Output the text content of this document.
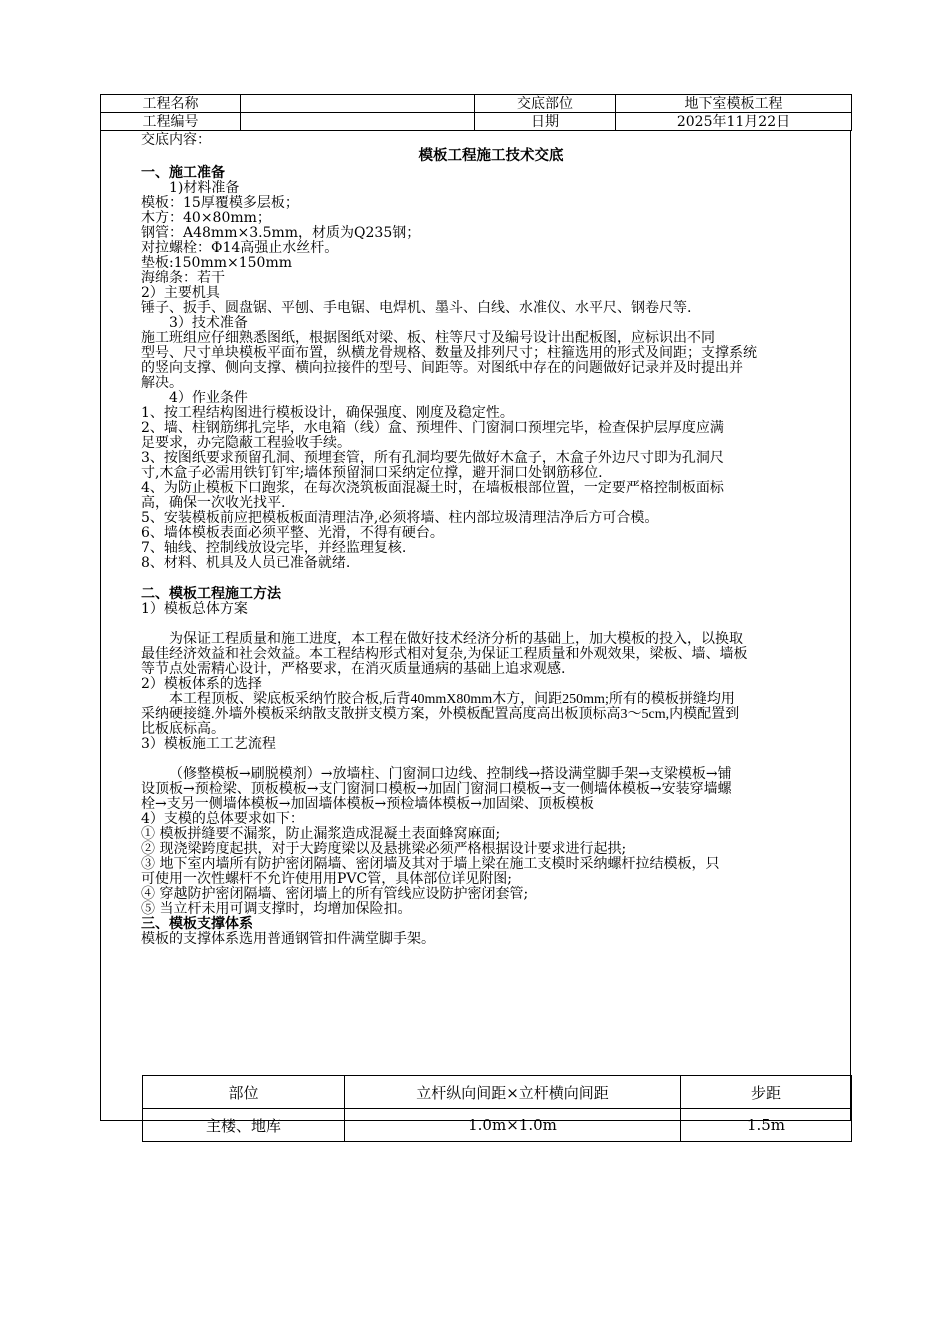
工程名称		交底部位	地下室模板工程
工程编号		日期	2025年11月22日

交底内容：

模板工程施工技术交底

一、施工准备

1)材料准备

模板：15厚覆模多层板；

木方：40×80mm；

钢管：A48mm×3.5mm，材质为Q235钢；

对拉螺栓：Φ14高强止水丝杆。

垫板:150mm×150mm

海绵条：若干

2）主要机具

锤子、扳手、圆盘锯、平刨、手电锯、电焊机、墨斗、白线、水准仪、水平尺、钢卷尺等.

3）技术准备

施工班组应仔细熟悉图纸，根据图纸对梁、板、柱等尺寸及编号设计出配板图，应标识出不同

型号、尺寸单块模板平面布置，纵横龙骨规格、数量及排列尺寸；柱箍选用的形式及间距；支撑系统

的竖向支撑、侧向支撑、横向拉接件的型号、间距等。对图纸中存在的问题做好记录并及时提出并

解决。

4）作业条件

1、按工程结构图进行模板设计，确保强度、刚度及稳定性。

2、墙、柱钢筋绑扎完毕，水电箱（线）盒、预埋件、门窗洞口预埋完毕，检查保护层厚度应满

足要求，办完隐蔽工程验收手续。

3、按图纸要求预留孔洞、预埋套管，所有孔洞均要先做好木盒子，木盒子外边尺寸即为孔洞尺

寸,木盒子必需用铁钉钉牢;墙体预留洞口采纳定位撑，避开洞口处钢筋移位.

4、为防止模板下口跑浆，在每次浇筑板面混凝土时，在墙板根部位置，一定要严格控制板面标

高，确保一次收光找平.

5、安装模板前应把模板板面清理洁净,必须将墙、柱内部垃圾清理洁净后方可合模。

6、墙体模板表面必须平整、光滑，不得有硬台。

7、轴线、控制线放设完毕，并经监理复核.

8、材料、机具及人员已准备就绪.

二、模板工程施工方法

1）模板总体方案

为保证工程质量和施工进度，本工程在做好技术经济分析的基础上，加大模板的投入，以换取

最佳经济效益和社会效益。本工程结构形式相对复杂,为保证工程质量和外观效果，梁板、墙、墙板

等节点处需精心设计，严格要求，在消灭质量通病的基础上追求观感.

2）模板体系的选择

本工程顶板、梁底板采纳竹胶合板,后背40mmX80mm木方，间距250mm;所有的模板拼缝均用

采纳硬接缝.外墙外模板采纳散支散拼支模方案，外模板配置高度高出板顶标高3～5cm,内模配置到

比板底标高。

3）模板施工工艺流程

（修整模板→刷脱模剂）→放墙柱、门窗洞口边线、控制线→搭设满堂脚手架→支梁模板→铺

设顶板→预检梁、顶板模板→支门窗洞口模板→加固门窗洞口模板→支一侧墙体模板→安装穿墙螺

栓→支另一侧墙体模板→加固墙体模板→预检墙体模板→加固梁、顶板模板

4）支模的总体要求如下：

① 模板拼缝要不漏浆，防止漏浆造成混凝土表面蜂窝麻面;

② 现浇梁跨度起拱，对于大跨度梁以及悬挑梁必须严格根据设计要求进行起拱;

③ 地下室内墙所有防护密闭隔墙、密闭墙及其对于墙上梁在施工支模时采纳螺杆拉结模板，只

可使用一次性螺杆不允许使用用PVC管，具体部位详见附图;

④ 穿越防护密闭隔墙、密闭墙上的所有管线应设防护密闭套管;

⑤ 当立杆未用可调支撑时，均增加保险扣。

三、模板支撑体系

模板的支撑体系选用普通钢管扣件满堂脚手架。

部位	立杆纵向间距×立杆横向间距	步距
主楼、地库	1.0m×1.0m	1.5m
